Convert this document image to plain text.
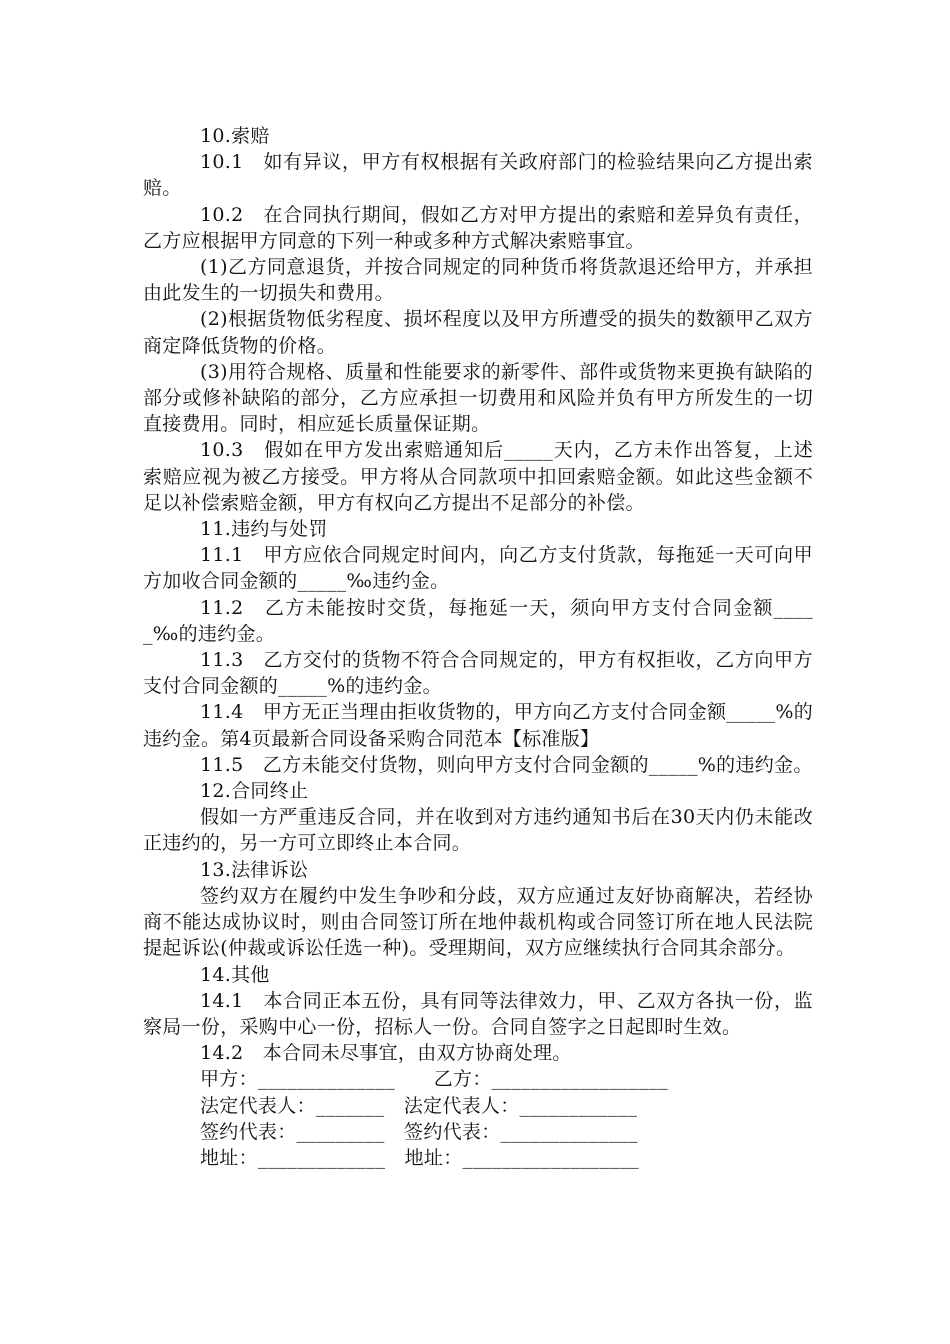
10.索赔

10.1　如有异议，甲方有权根据有关政府部门的检验结果向乙方提出索赔。

10.2　在合同执行期间，假如乙方对甲方提出的索赔和差异负有责任，乙方应根据甲方同意的下列一种或多种方式解决索赔事宜。

(1)乙方同意退货，并按合同规定的同种货币将货款退还给甲方，并承担由此发生的一切损失和费用。

(2)根据货物低劣程度、损坏程度以及甲方所遭受的损失的数额甲乙双方商定降低货物的价格。

(3)用符合规格、质量和性能要求的新零件、部件或货物来更换有缺陷的部分或修补缺陷的部分，乙方应承担一切费用和风险并负有甲方所发生的一切直接费用。同时，相应延长质量保证期。

10.3　假如在甲方发出索赔通知后_____天内，乙方未作出答复，上述索赔应视为被乙方接受。甲方将从合同款项中扣回索赔金额。如此这些金额不足以补偿索赔金额，甲方有权向乙方提出不足部分的补偿。

11.违约与处罚

11.1　甲方应依合同规定时间内，向乙方支付货款，每拖延一天可向甲方加收合同金额的_____‰违约金。

11.2　乙方未能按时交货，每拖延一天，须向甲方支付合同金额_____‰的违约金。

11.3　乙方交付的货物不符合合同规定的，甲方有权拒收，乙方向甲方支付合同金额的_____%的违约金。

11.4　甲方无正当理由拒收货物的，甲方向乙方支付合同金额_____%的违约金。第4页最新合同设备采购合同范本【标准版】

11.5　乙方未能交付货物，则向甲方支付合同金额的_____%的违约金。

12.合同终止

假如一方严重违反合同，并在收到对方违约通知书后在30天内仍未能改正违约的，另一方可立即终止本合同。

13.法律诉讼

签约双方在履约中发生争吵和分歧，双方应通过友好协商解决，若经协商不能达成协议时，则由合同签订所在地仲裁机构或合同签订所在地人民法院提起诉讼(仲裁或诉讼任选一种)。受理期间，双方应继续执行合同其余部分。

14.其他

14.1　本合同正本五份，具有同等法律效力，甲、乙双方各执一份，监察局一份，采购中心一份，招标人一份。合同自签字之日起即时生效。

14.2　本合同未尽事宜，由双方协商处理。

甲方：______________　　 乙方：__________________

法定代表人：_______　 法定代表人：____________

签约代表：_________　 签约代表：______________

地址：_____________　 地址：__________________
